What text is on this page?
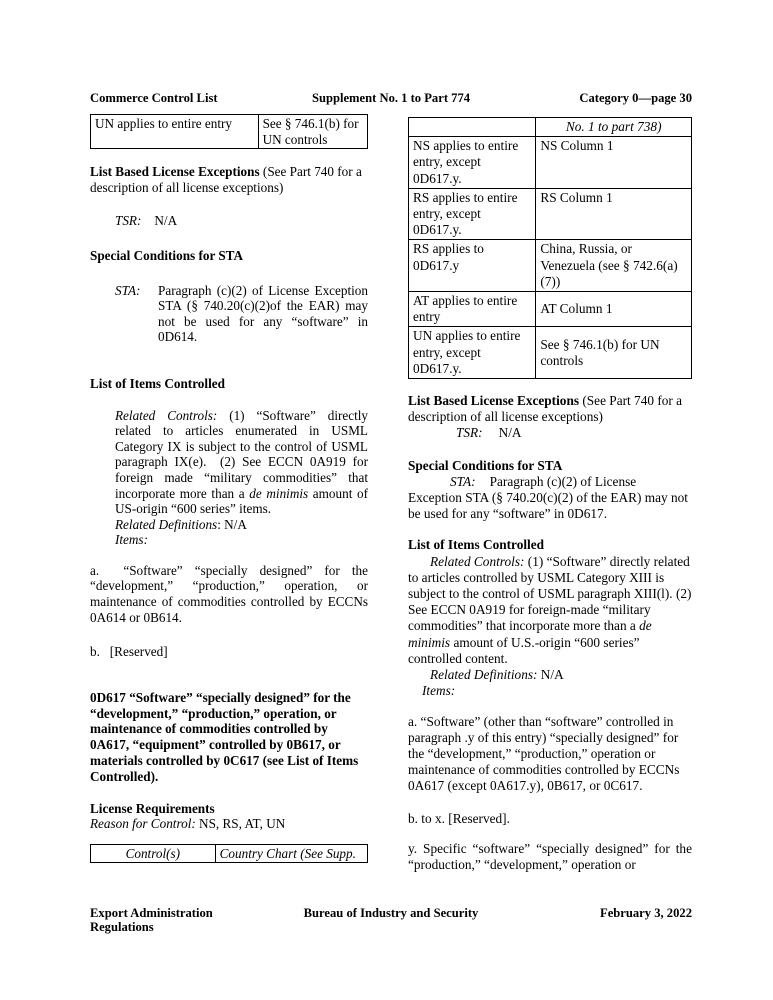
Commerce Control List	Supplement No. 1 to Part 774	Category 0—page 30
UN applies to entire entry	See § 746.1(b) for UN controls

List Based License Exceptions (See Part 740 for a description of all license exceptions)

TSR: N/A

Special Conditions for STA

STA:	Paragraph (c)(2) of License Exception STA (§ 740.20(c)(2)of the EAR) may not be used for any “software” in 0D614.

List of Items Controlled

Related Controls: (1) “Software” directly related to articles enumerated in USML Category IX is subject to the control of USML paragraph IX(e).  (2) See ECCN 0A919 for foreign made “military commodities” that incorporate more than a de minimis amount of US-origin “600 series” items.
Related Definitions: N/A
Items:

a.  “Software” “specially designed” for the “development,” “production,” operation, or maintenance of commodities controlled by ECCNs 0A614 or 0B614.

b.   [Reserved]

0D617 “Software” “specially designed” for the “development,” “production,” operation, or maintenance of commodities controlled by 0A617, “equipment” controlled by 0B617, or materials controlled by 0C617 (see List of Items Controlled).

License Requirements

Reason for Control: NS, RS, AT, UN

Control(s)	Country Chart (See Supp.
	No. 1 to part 738)
NS applies to entire entry, except 0D617.y.	NS Column 1
RS applies to entire entry, except 0D617.y.	RS Column 1
RS applies to 0D617.y	China, Russia, or Venezuela (see § 742.6(a)(7))
AT applies to entire entry	AT Column 1
UN applies to entire entry, except 0D617.y.	See § 746.1(b) for UN controls

List Based License Exceptions (See Part 740 for a description of all license exceptions)

TSR: N/A

Special Conditions for STA

STA: Paragraph (c)(2) of License Exception STA (§ 740.20(c)(2) of the EAR) may not be used for any “software” in 0D617.

List of Items Controlled

Related Controls: (1) “Software” directly related to articles controlled by USML Category XIII is subject to the control of USML paragraph XIII(l). (2) See ECCN 0A919 for foreign-made “military commodities” that incorporate more than a de minimis amount of U.S.-origin “600 series” controlled content.

Related Definitions: N/A

Items:

a. “Software” (other than “software” controlled in paragraph .y of this entry) “specially designed” for the “development,” “production,” operation or maintenance of commodities controlled by ECCNs 0A617 (except 0A617.y), 0B617, or 0C617.

b. to x. [Reserved].

y. Specific “software” “specially designed” for the “production,” “development,” operation or

Export Administration Regulations
Bureau of Industry and Security	February 3, 2022
